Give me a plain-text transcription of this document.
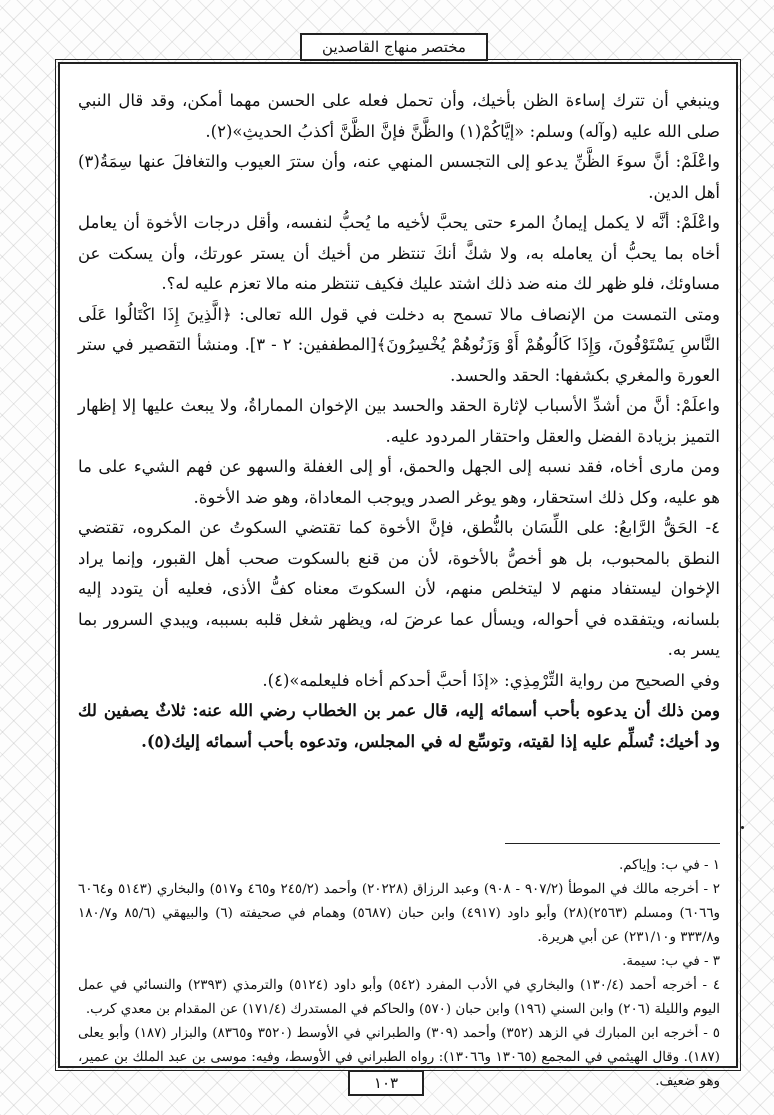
مختصر منهاج القاصدين

وينبغي أن تترك إساءة الظن بأخيك، وأن تحمل فعله على الحسن مهما أمكن، وقد قال النبي صلى الله عليه (وآله) وسلم: «إيَّاكُمْ(١) والظَّنَّ فإنَّ الظَّنَّ أكذبُ الحديثِ»(٢).

واعْلَمْ: أنَّ سوءَ الظَّنِّ يدعو إلى التجسس المنهي عنه، وأن سترَ العيوب والتغافلَ عنها سِمَةُ(٣) أهل الدين.

واعْلَمْ: أنَّه لا يكمل إيمانُ المرء حتى يحبَّ لأخيه ما يُحبُّ لنفسه، وأقل درجات الأخوة أن يعامل أخاه بما يحبُّ أن يعامله به، ولا شكَّ أنكَ تنتظر من أخيك أن يستر عورتك، وأن يسكت عن مساوئك، فلو ظهر لك منه ضد ذلك اشتد عليك فكيف تنتظر منه مالا تعزم عليه له؟.

ومتى التمست من الإنصاف مالا تسمح به دخلت في قول الله تعالى: ﴿الَّذِينَ إِذَا اكْتَالُوا عَلَى النَّاسِ يَسْتَوْفُونَ، وَإِذَا كَالُوهُمْ أَوْ وَزَنُوهُمْ يُخْسِرُونَ﴾[المطففين: ٢ - ٣]. ومنشأ التقصير في ستر العورة والمغري بكشفها: الحقد والحسد.

واعلَمْ: أنَّ من أشدِّ الأسباب لإثارة الحقد والحسد بين الإخوان المماراةُ، ولا يبعث عليها إلا إظهار التميز بزيادة الفضل والعقل واحتقار المردود عليه.

ومن مارى أخاه، فقد نسبه إلى الجهل والحمق، أو إلى الغفلة والسهو عن فهم الشيء على ما هو عليه، وكل ذلك استحقار، وهو يوغر الصدر ويوجب المعاداة، وهو ضد الأخوة.

٤- الحَقُّ الرَّابعُ: على اللِّسَان بالنُّطق، فإنَّ الأخوة كما تقتضي السكوتُ عن المكروه، تقتضي النطق بالمحبوب، بل هو أخصُّ بالأخوة، لأن من قنع بالسكوت صحب أهل القبور، وإنما يراد الإخوان ليستفاد منهم لا ليتخلص منهم، لأن السكوتَ معناه كفُّ الأذى، فعليه أن يتودد إليه بلسانه، ويتفقده في أحواله، ويسأل عما عرضَ له، ويظهر شغل قلبه بسببه، ويبدي السرور بما يسر به.

وفي الصحيح من رواية التِّرْمِذِي: «إذَا أحبَّ أحدكم أخاه فليعلمه»(٤).

ومن ذلك أن يدعوه بأحب أسمائه إليه، قال عمر بن الخطاب رضي الله عنه: ثلاثٌ يصفين لك ود أخيك: تُسلِّم عليه إذا لقيته، وتوسِّع له في المجلس، وتدعوه بأحب أسمائه إليك(٥).

١ - في ب: وإياكم.

٢ - أخرجه مالك في الموطأ (٩٠٧/٢ - ٩٠٨) وعبد الرزاق (٢٠٢٢٨) وأحمد (٢٤٥/٢ و٤٦٥ و٥١٧) والبخاري (٥١٤٣ و٦٠٦٤ و٦٠٦٦) ومسلم (٢٥٦٣)(٢٨) وأبو داود (٤٩١٧) وابن حبان (٥٦٨٧) وهمام في صحيفته (٦) والبيهقي (٨٥/٦ و١٨٠/٧ و٣٣٣/٨ و٢٣١/١٠) عن أبي هريرة.

٣ - في ب: سيمة.

٤ - أخرجه أحمد (١٣٠/٤) والبخاري في الأدب المفرد (٥٤٢) وأبو داود (٥١٢٤) والترمذي (٢٣٩٣) والنسائي في عمل اليوم والليلة (٢٠٦) وابن السني (١٩٦) وابن حبان (٥٧٠) والحاكم في المستدرك (١٧١/٤) عن المقدام بن معدي كرب.

٥ - أخرجه ابن المبارك في الزهد (٣٥٢) وأحمد (٣٠٩) والطبراني في الأوسط (٣٥٢٠ و٨٣٦٥) والبزار (١٨٧) وأبو يعلى (١٨٧). وقال الهيثمي في المجمع (١٣٠٦٥ و١٣٠٦٦): رواه الطبراني في الأوسط، وفيه: موسى بن عبد الملك بن عمير، وهو ضعيف.

١٠٣
